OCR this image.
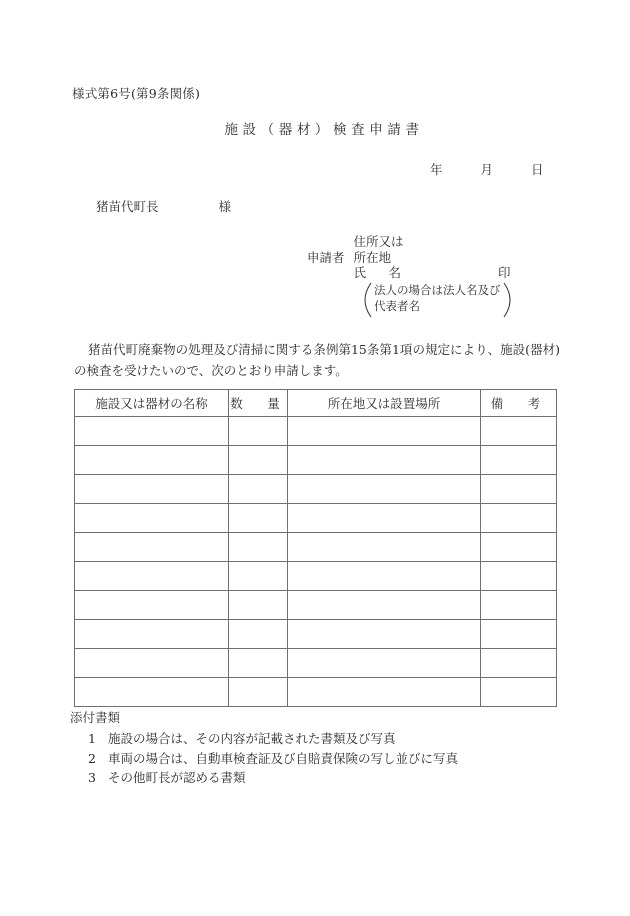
様式第6号(第9条関係)
施設（器材）検査申請書
年	月	日
猪苗代町長	様
申請者
住所又は
所在地
氏　名	印
法人の場合は法人名及び
代表者名
猪苗代町廃棄物の処理及び清掃に関する条例第15条第1項の規定により、施設(器材)の検査を受けたいので、次のとおり申請します。
施設又は器材の名称	数　量	所在地又は設置場所	備　考

添付書類
1 施設の場合は、その内容が記載された書類及び写真
2 車両の場合は、自動車検査証及び自賠責保険の写し並びに写真
3 その他町長が認める書類
